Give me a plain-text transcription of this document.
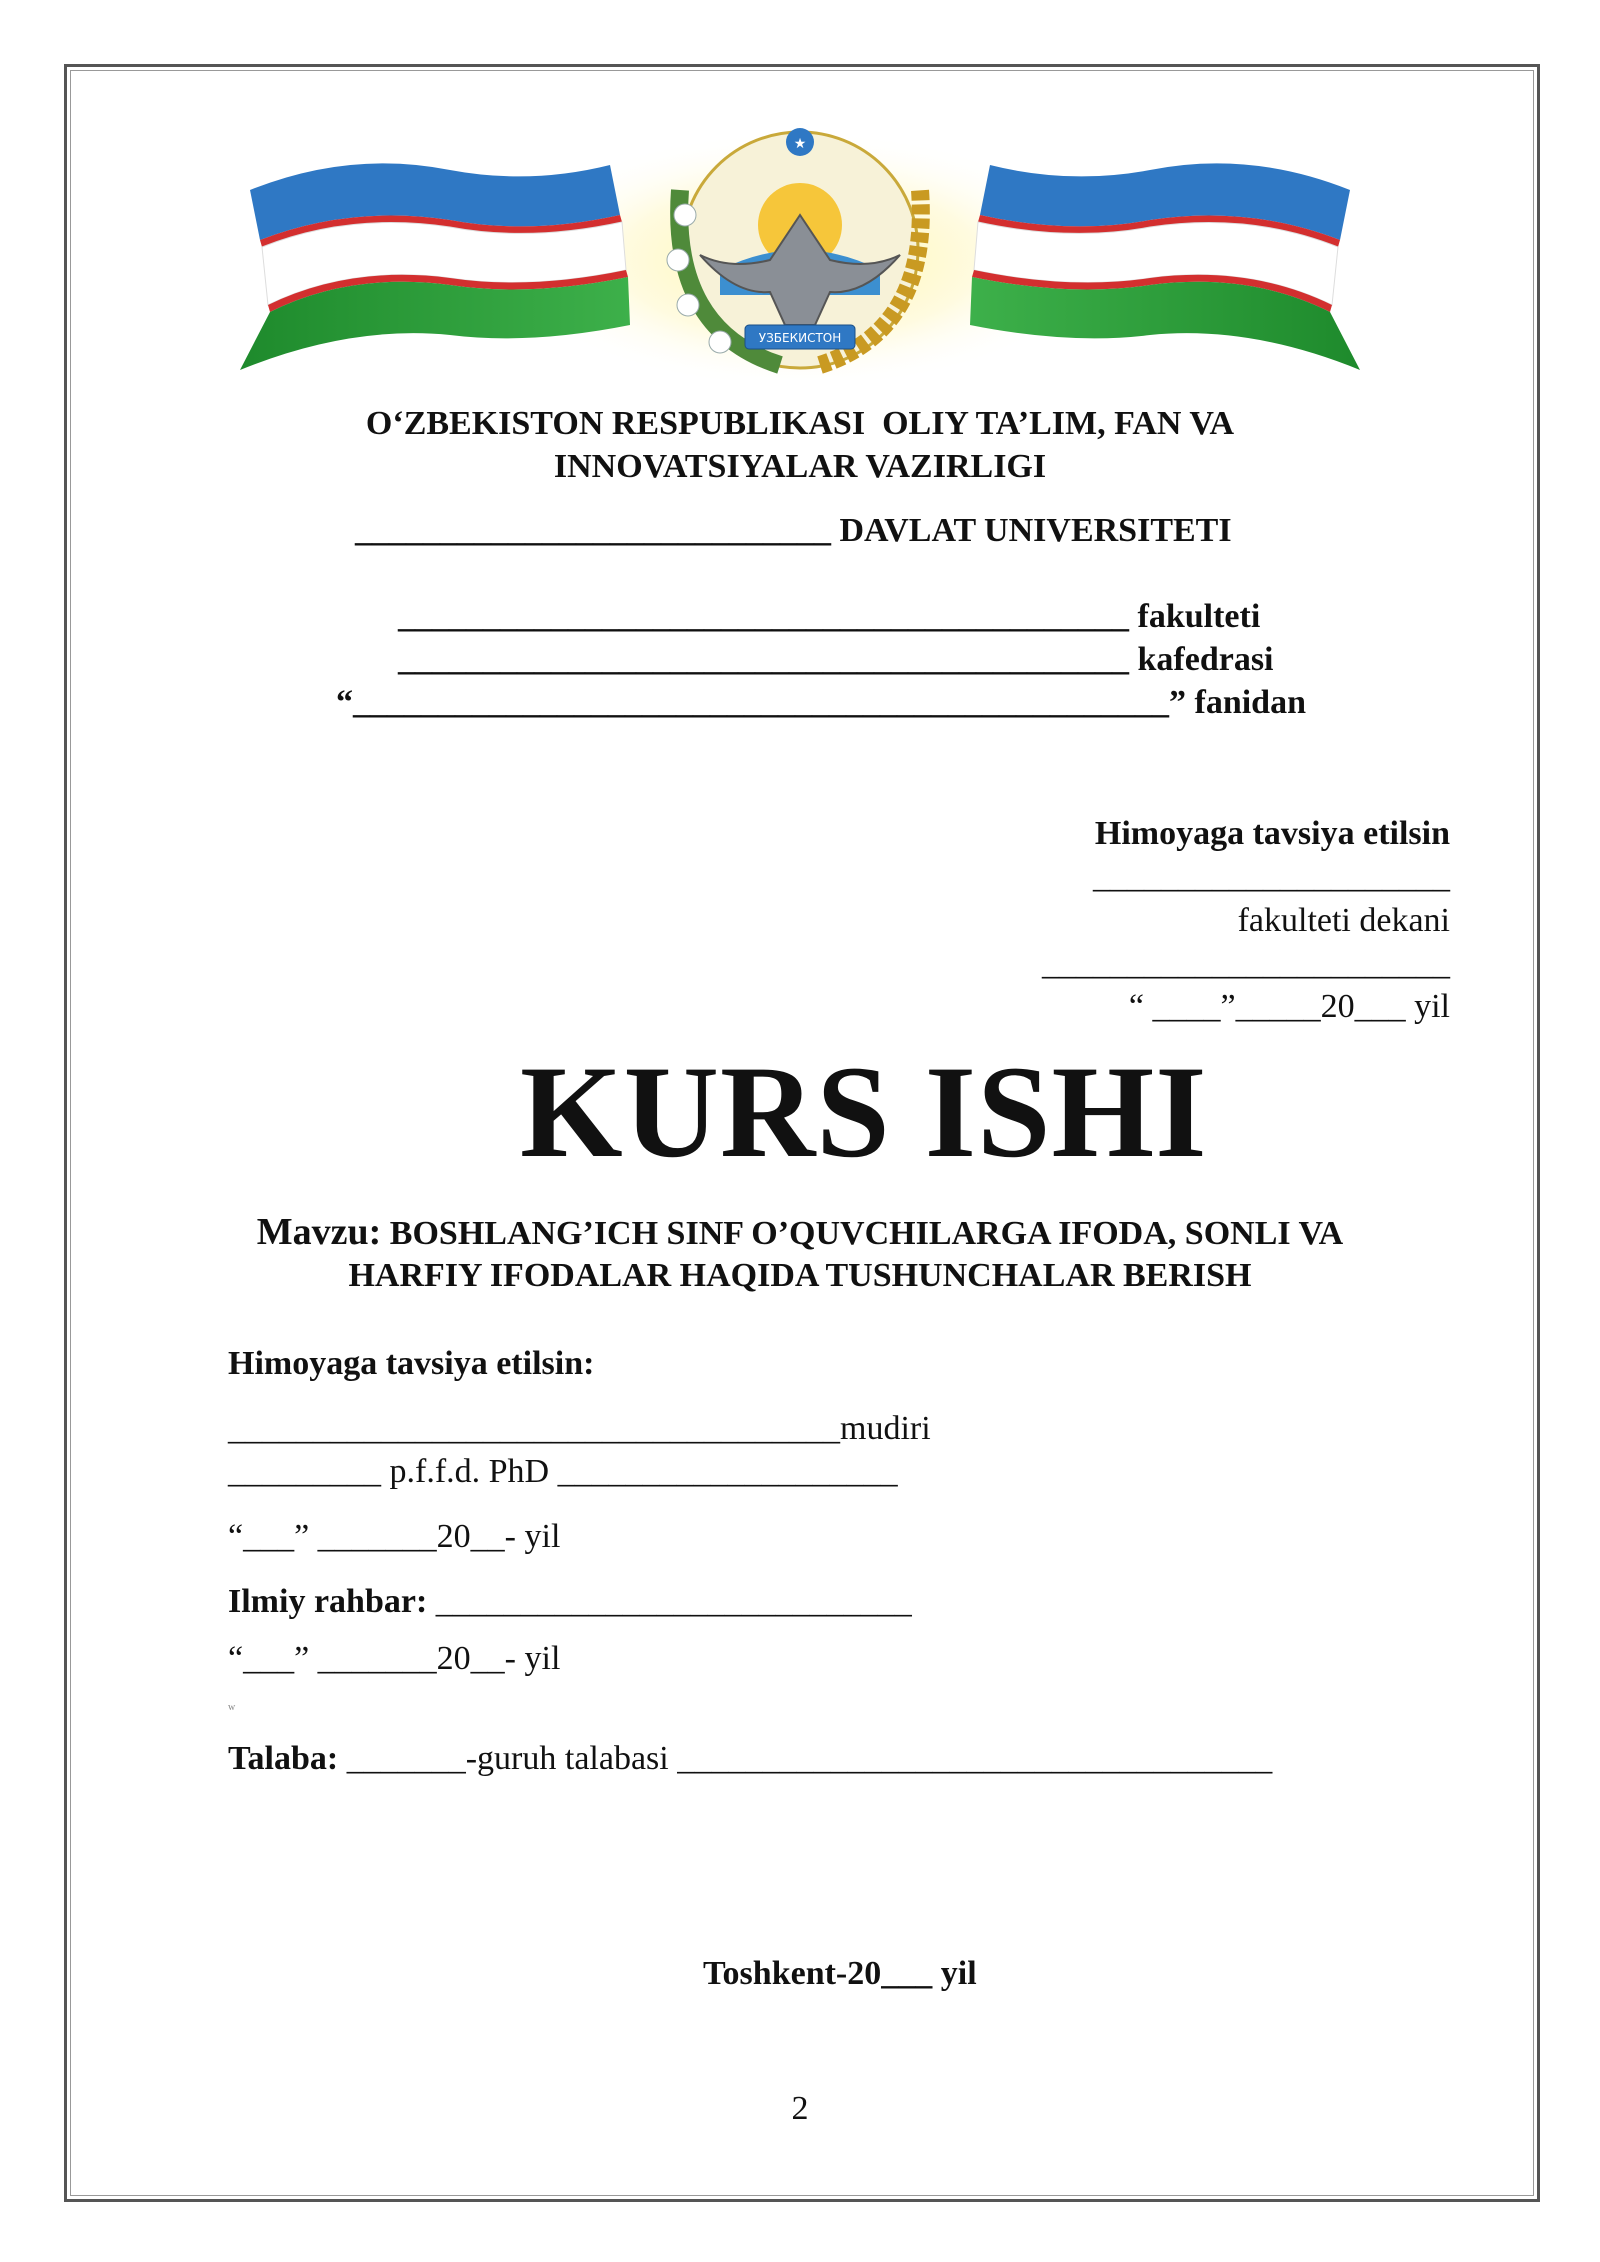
★
УЗБЕКИСТОН
O‘ZBEKISTON RESPUBLIKASI  OLIY TA’LIM, FAN VA
INNOVATSIYALAR VAZIRLIGI
____________________________ DAVLAT UNIVERSITETI
___________________________________________ fakulteti
___________________________________________ kafedrasi
“________________________________________________” fanidan
Himoyaga tavsiya etilsin
_____________________
fakulteti dekani
________________________
“ ____”_____20___ yil
KURS ISHI
Mavzu: BOSHLANG’ICH SINF O’QUVCHILARGA IFODA, SONLI VA
HARFIY IFODALAR HAQIDA TUSHUNCHALAR BERISH
Himoyaga tavsiya etilsin:
____________________________________mudiri
_________ p.f.f.d. PhD ____________________
“___” _______20__- yil
Ilmiy rahbar: ____________________________
“___” _______20__- yil
w
Talaba: _______-guruh talabasi ___________________________________
Toshkent-20___ yil
2
